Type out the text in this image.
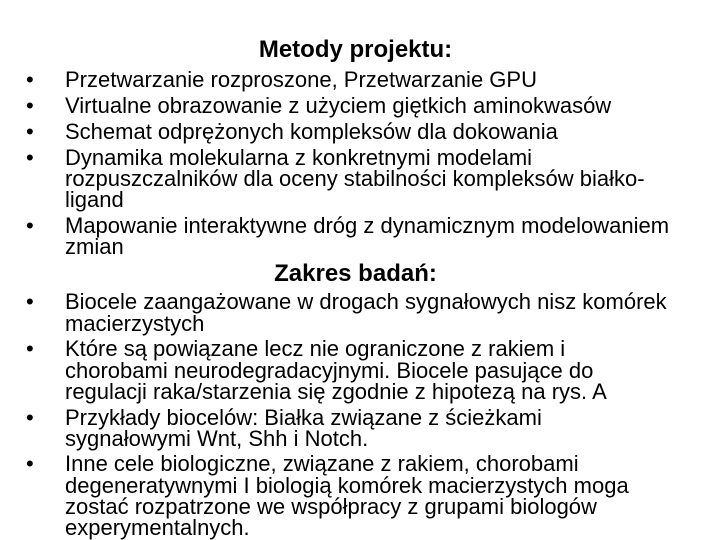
Metody projektu:
•
Przetwarzanie rozproszone, Przetwarzanie GPU
•
Virtualne obrazowanie z użyciem giętkich aminokwasów
•
Schemat odprężonych kompleksów dla dokowania
•
Dynamika molekularna z konkretnymi modelami
rozpuszczalników dla oceny stabilności kompleksów białko-
ligand
•
Mapowanie interaktywne dróg z dynamicznym modelowaniem
zmian
Zakres badań:
•
Biocele zaangażowane w drogach sygnałowych nisz komórek
macierzystych
•
Które są powiązane lecz nie ograniczone z rakiem i
chorobami neurodegradacyjnymi. Biocele pasujące do
regulacji raka/starzenia się zgodnie z hipotezą na rys. A
•
Przykłady biocelów: Białka związane z ścieżkami
sygnałowymi Wnt, Shh i Notch.
•
Inne cele biologiczne, związane z rakiem, chorobami
degeneratywnymi I biologią komórek macierzystych moga
zostać rozpatrzone we współpracy z grupami biologów
experymentalnych.
